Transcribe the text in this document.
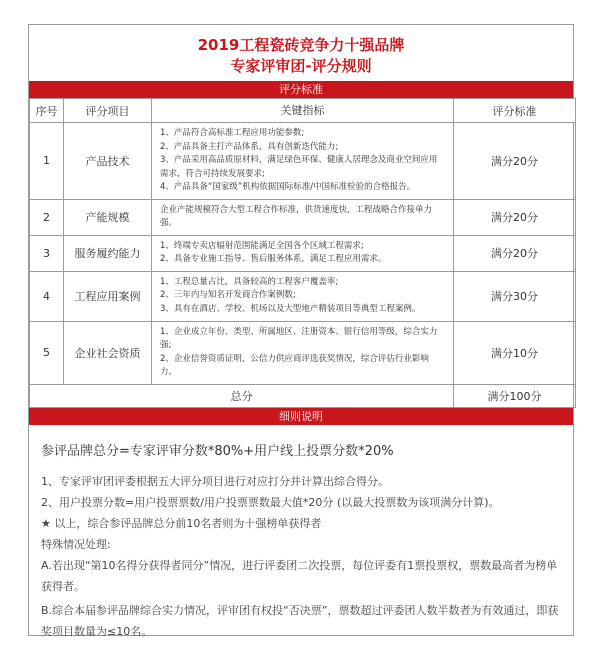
2019工程瓷砖竞争力十强品牌
专家评审团-评分规则
评分标准
序号	评分项目	关键指标	评分标准
1	产品技术	1、产品符合高标准工程应用功能参数;
2、产品具备主打产品体系，具有创新迭代能力;
3、产品采用高品质原材料，满足绿色环保、健康人居理念及商业空间应用需求，符合可持续发展要求;
4、产品具备“国家级”机构依据国际标准/中国标准检验的合格报告。	满分20分
2	产能规模	企业产能规模符合大型工程合作标准，供货速度快，工程战略合作接单力强。	满分20分
3	服务履约能力	1、终端专卖店辐射范围能满足全国各个区域工程需求;
2、具备专业施工指导、售后服务体系，满足工程应用需求。	满分20分
4	工程应用案例	1、工程总量占比，具备较高的工程客户覆盖率;
2、三年内与知名开发商合作案例数;
3、具有在酒店、学校、机场以及大型地产精装项目等典型工程案例。	满分30分
5	企业社会资质	1、企业成立年份、类型、所属地区、注册资本、银行信用等级，综合实力强;
2、企业信誉资质证明，公信力供应商评选获奖情况，综合评估行业影响力。	满分10分
总分			满分100分
细则说明
参评品牌总分=专家评审分数*80%+用户线上投票分数*20%
1、专家评审团评委根据五大评分项目进行对应打分并计算出综合得分。
2、用户投票分数=用户投票票数/用户投票票数最大值*20分 (以最大投票数为该项满分计算)。
★ 以上，综合参评品牌总分前10名者则为十强榜单获得者
特殊情况处理:
A.若出现“第10名得分获得者同分”情况，进行评委团二次投票，每位评委有1票投票权，票数最高者为榜单
获得者。
B.综合本届参评品牌综合实力情况，评审团有权投“否决票”，票数超过评委团人数半数者为有效通过，即获
奖项目数量为≤10名。
